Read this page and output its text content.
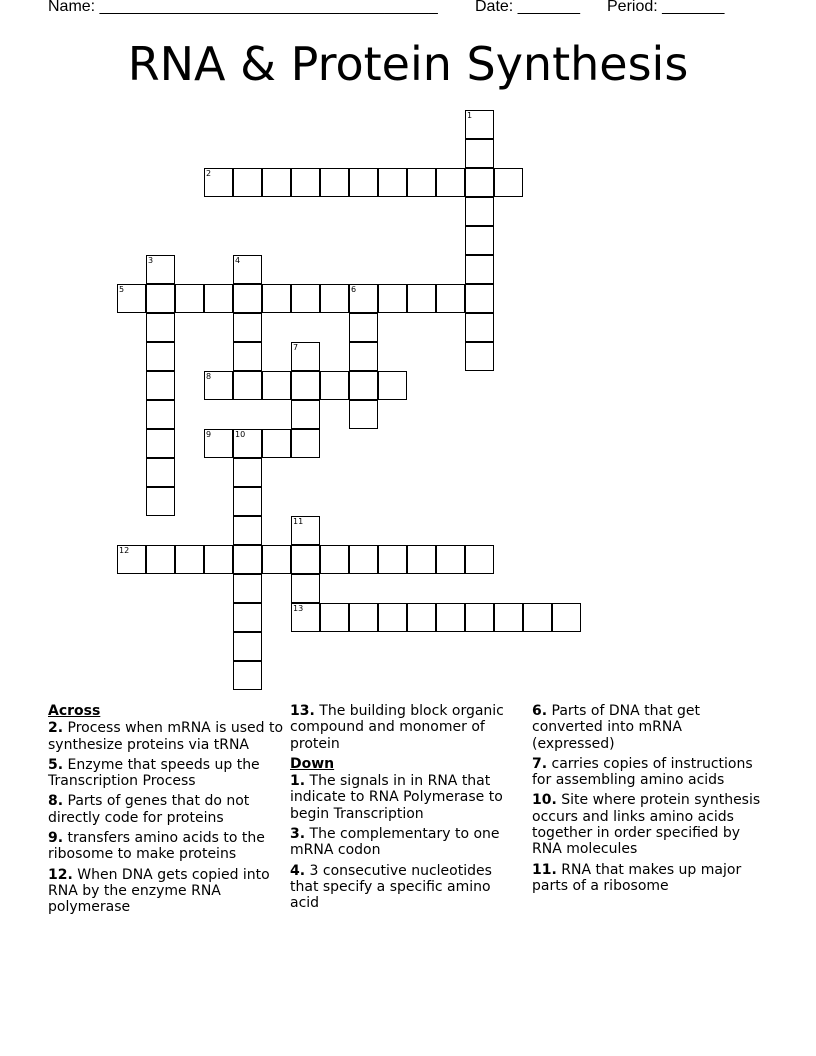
Name: ______________________________________ Date: _______ Period: _______
RNA & Protein Synthesis
1
2
3	4
5	6
7
8
9	10
11
13
12
Across
2. Process when mRNA is used to synthesize proteins via tRNA
5. Enzyme that speeds up the Transcription Process
8. Parts of genes that do not directly code for proteins
9. transfers amino acids to the ribosome to make proteins
12. When DNA gets copied into RNA by the enzyme RNA polymerase
13. The building block organic compound and monomer of protein
Down
1. The signals in in RNA that indicate to RNA Polymerase to begin Transcription
3. The complementary to one mRNA codon
4. 3 consecutive nucleotides that specify a specific amino acid
6. Parts of DNA that get converted into mRNA (expressed)
7. carries copies of instructions for assembling amino acids
10. Site where protein synthesis occurs and links amino acids together in order specified by RNA molecules
11. RNA that makes up major parts of a ribosome
